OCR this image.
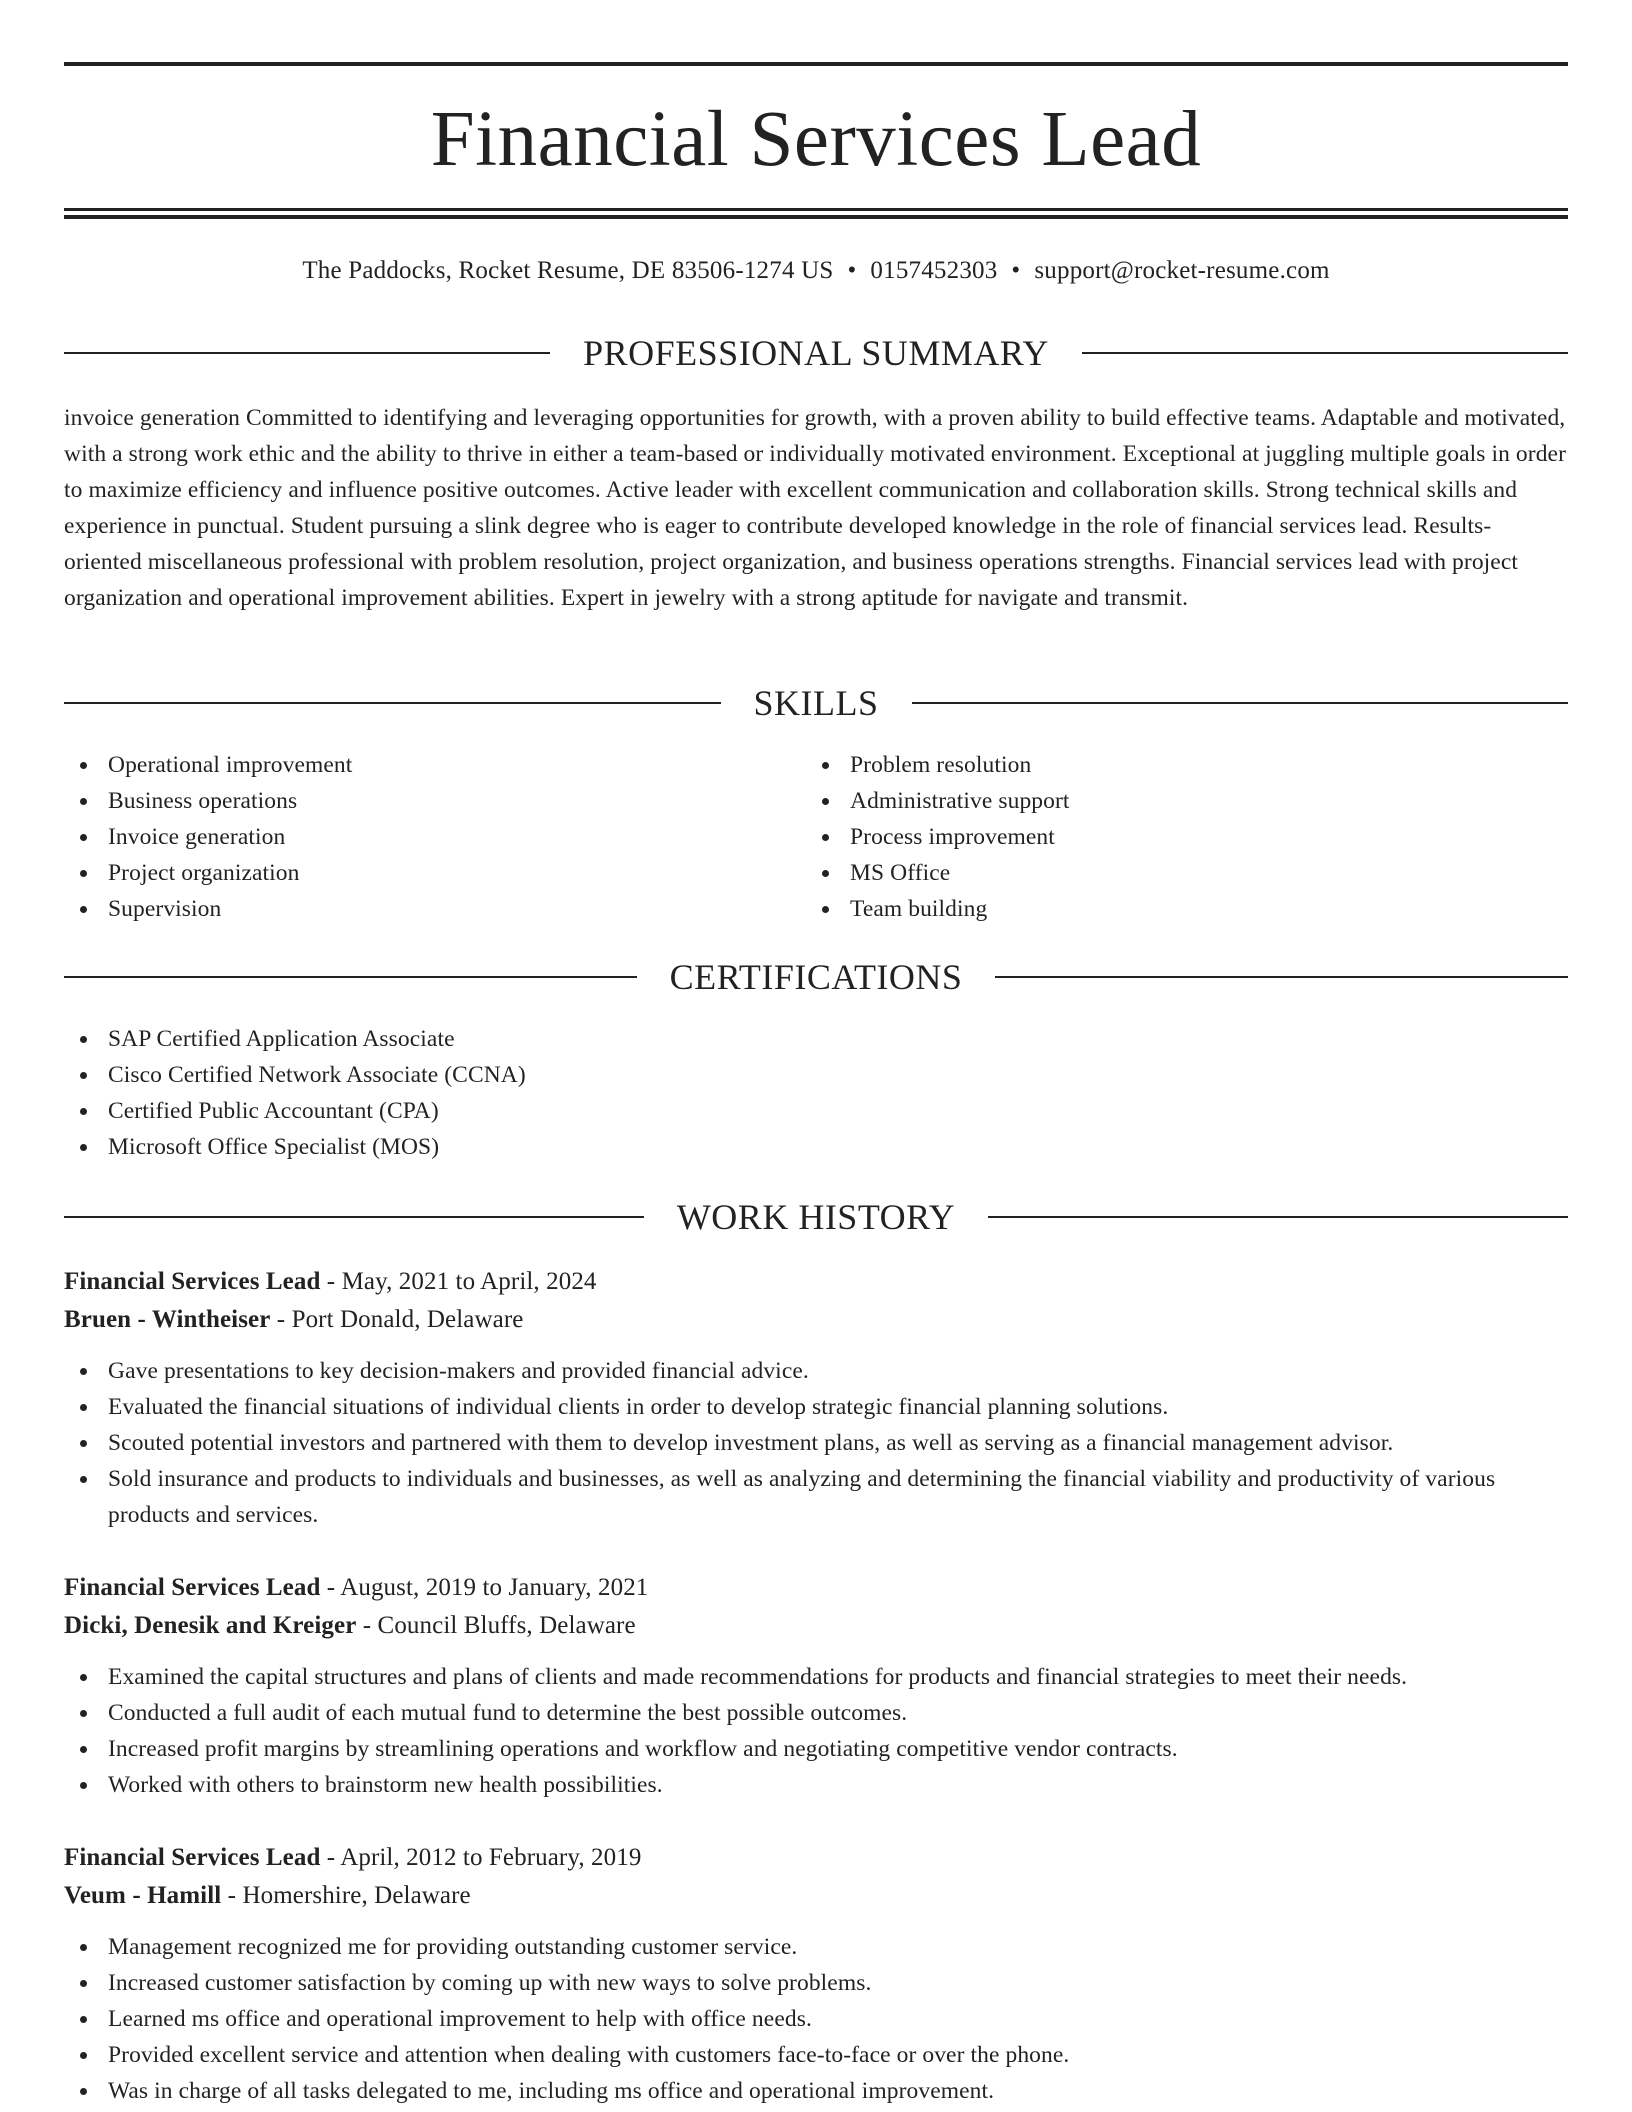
Financial Services Lead
The Paddocks, Rocket Resume, DE 83506-1274 US • 0157452303 • support@rocket-resume.com
PROFESSIONAL SUMMARY

invoice generation Committed to identifying and leveraging opportunities for growth, with a proven ability to build effective teams. Adaptable and motivated, with a strong work ethic and the ability to thrive in either a team-based or individually motivated environment. Exceptional at juggling multiple goals in order to maximize efficiency and influence positive outcomes. Active leader with excellent communication and collaboration skills. Strong technical skills and experience in punctual. Student pursuing a slink degree who is eager to contribute developed knowledge in the role of financial services lead. Results-oriented miscellaneous professional with problem resolution, project organization, and business operations strengths. Financial services lead with project organization and operational improvement abilities. Expert in jewelry with a strong aptitude for navigate and transmit.

SKILLS
Operational improvement
Business operations
Invoice generation
Project organization
Supervision
Problem resolution
Administrative support
Process improvement
MS Office
Team building
CERTIFICATIONS
SAP Certified Application Associate
Cisco Certified Network Associate (CCNA)
Certified Public Accountant (CPA)
Microsoft Office Specialist (MOS)
WORK HISTORY
Financial Services Lead - May, 2021 to April, 2024
Bruen - Wintheiser - Port Donald, Delaware
Gave presentations to key decision-makers and provided financial advice.
Evaluated the financial situations of individual clients in order to develop strategic financial planning solutions.
Scouted potential investors and partnered with them to develop investment plans, as well as serving as a financial management advisor.
Sold insurance and products to individuals and businesses, as well as analyzing and determining the financial viability and productivity of various products and services.
Financial Services Lead - August, 2019 to January, 2021
Dicki, Denesik and Kreiger - Council Bluffs, Delaware
Examined the capital structures and plans of clients and made recommendations for products and financial strategies to meet their needs.
Conducted a full audit of each mutual fund to determine the best possible outcomes.
Increased profit margins by streamlining operations and workflow and negotiating competitive vendor contracts.
Worked with others to brainstorm new health possibilities.
Financial Services Lead - April, 2012 to February, 2019
Veum - Hamill - Homershire, Delaware
Management recognized me for providing outstanding customer service.
Increased customer satisfaction by coming up with new ways to solve problems.
Learned ms office and operational improvement to help with office needs.
Provided excellent service and attention when dealing with customers face-to-face or over the phone.
Was in charge of all tasks delegated to me, including ms office and operational improvement.
